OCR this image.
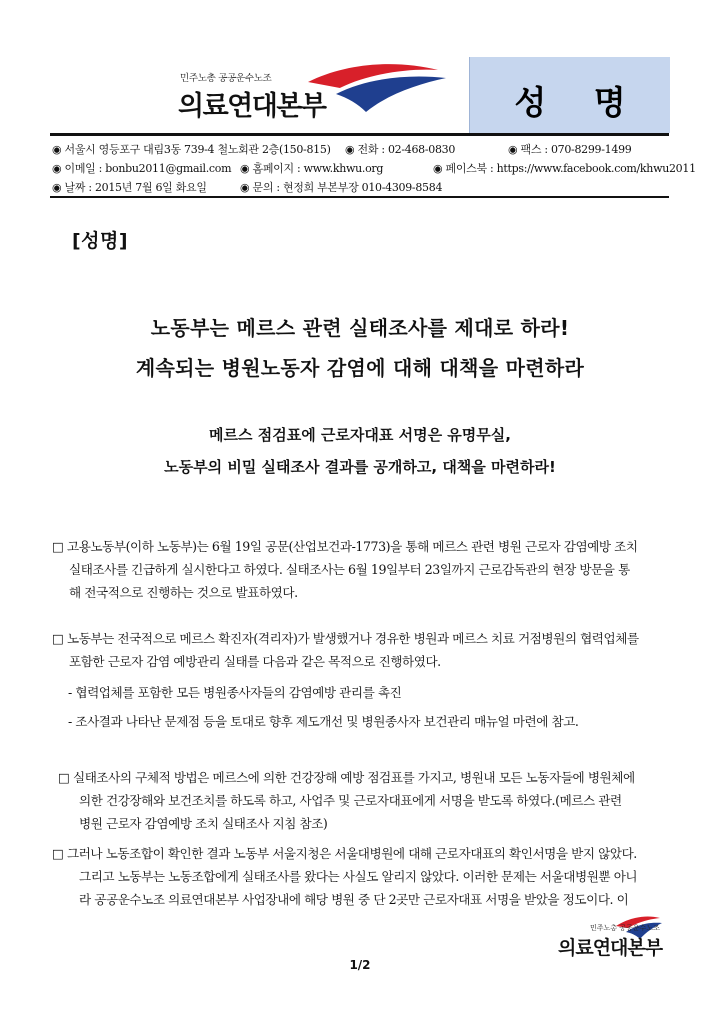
민주노총 공공운수노조
의료연대본부	성 명
◉ 서울시 영등포구 대림3동 739-4 철노회관 2층(150-815) ◉ 전화 : 02-468-0830	◉ 팩스 : 070-8299-1499
◉ 이메일 : bonbu2011@gmail.com ◉ 홈페이지 : www.khwu.org	◉ 페이스북 : https://www.facebook.com/khwu2011
◉ 날짜 : 2015년 7월 6일 화요일	◉ 문의 : 현정희 부본부장 010-4309-8584
[성명]
노동부는 메르스 관련 실태조사를 제대로 하라!
계속되는 병원노동자 감염에 대해 대책을 마련하라
메르스 점검표에 근로자대표 서명은 유명무실,
노동부의 비밀 실태조사 결과를 공개하고, 대책을 마련하라!
□ 고용노동부(이하 노동부)는 6월 19일 공문(산업보건과-1773)을 통해 메르스 관련 병원 근로자 감염예방 조치
실태조사를 긴급하게 실시한다고 하였다. 실태조사는 6월 19일부터 23일까지 근로감독관의 현장 방문을 통
해 전국적으로 진행하는 것으로 발표하였다.
□ 노동부는 전국적으로 메르스 확진자(격리자)가 발생했거나 경유한 병원과 메르스 치료 거점병원의 협력업체를
포함한 근로자 감염 예방관리 실태를 다음과 같은 목적으로 진행하였다.
- 협력업체를 포함한 모든 병원종사자들의 감염예방 관리를 촉진
- 조사결과 나타난 문제점 등을 토대로 향후 제도개선 및 병원종사자 보건관리 매뉴얼 마련에 참고.
□ 실태조사의 구체적 방법은 메르스에 의한 건강장해 예방 점검표를 가지고, 병원내 모든 노동자들에 병원체에
의한 건강장해와 보건조치를 하도록 하고, 사업주 및 근로자대표에게 서명을 받도록 하였다.(메르스 관련
병원 근로자 감염예방 조치 실태조사 지침 참조)
□ 그러나 노동조합이 확인한 결과 노동부 서울지청은 서울대병원에 대해 근로자대표의 확인서명을 받지 않았다.
그리고 노동부는 노동조합에게 실태조사를 왔다는 사실도 알리지 않았다. 이러한 문제는 서울대병원뿐 아니
라 공공운수노조 의료연대본부 사업장내에 해당 병원 중 단 2곳만 근로자대표 서명을 받았을 정도이다. 이
민주노총 공공운수노조
의료연대본부
1/2
